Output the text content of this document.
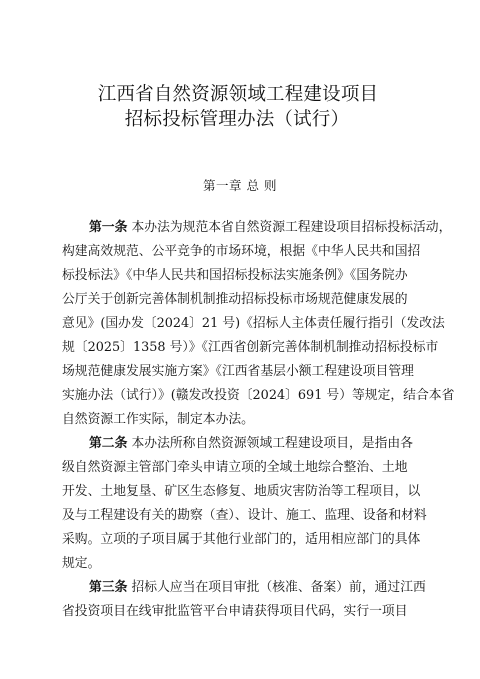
江西省自然资源领域工程建设项目
招标投标管理办法（试行）
第一章 总 则
第一条 本办法为规范本省自然资源工程建设项目招标投标活动，
构建高效规范、公平竞争的市场环境，根据《中华人民共和国招
标投标法》《中华人民共和国招标投标法实施条例》《国务院办
公厅关于创新完善体制机制推动招标投标市场规范健康发展的
意见》(国办发〔2024〕21 号)《招标人主体责任履行指引（发改法
规〔2025〕1358 号）》《江西省创新完善体制机制推动招标投标市
场规范健康发展实施方案》《江西省基层小额工程建设项目管理
实施办法（试行）》(赣发改投资〔2024〕691 号）等规定，结合本省
自然资源工作实际，制定本办法。
第二条 本办法所称自然资源领域工程建设项目，是指由各
级自然资源主管部门牵头申请立项的全域土地综合整治、土地
开发、土地复垦、矿区生态修复、地质灾害防治等工程项目，以
及与工程建设有关的勘察（查）、设计、施工、监理、设备和材料
采购。立项的子项目属于其他行业部门的，适用相应部门的具体
规定。
第三条 招标人应当在项目审批（核准、备案）前，通过江西
省投资项目在线审批监管平台申请获得项目代码，实行一项目
